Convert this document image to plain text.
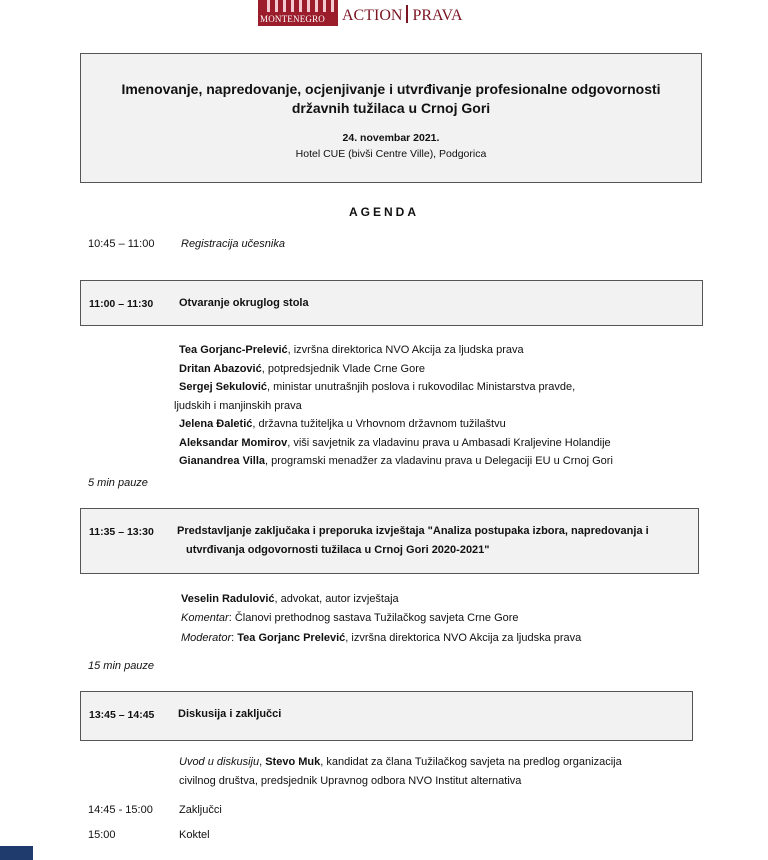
MONTENEGRO ACTION PRAVA
Imenovanje, napredovanje, ocjenjivanje i utvrđivanje profesionalne odgovornosti državnih tužilaca u Crnoj Gori
24. novembar 2021.
Hotel CUE (bivši Centre Ville), Podgorica
AGENDA
10:45 – 11:00 Registracija učesnika
11:00 – 11:30 Otvaranje okruglog stola
Tea Gorjanc-Prelević, izvršna direktorica NVO Akcija za ljudska prava
Dritan Abazović, potpredsjednik Vlade Crne Gore
Sergej Sekulović, ministar unutrašnjih poslova i rukovodilac Ministarstva pravde,
ljudskih i manjinskih prava
Jelena Đaletić, državna tužiteljka u Vrhovnom državnom tužilaštvu
Aleksandar Momirov, viši savjetnik za vladavinu prava u Ambasadi Kraljevine Holandije
Gianandrea Villa, programski menadžer za vladavinu prava u Delegaciji EU u Crnoj Gori
5 min pauze
11:35 – 13:30 Predstavljanje zaključaka i preporuka izvještaja "Analiza postupaka izbora, napredovanja i
utvrđivanja odgovornosti tužilaca u Crnoj Gori 2020-2021"
Veselin Radulović, advokat, autor izvještaja
Komentar: Članovi prethodnog sastava Tužilačkog savjeta Crne Gore
Moderator: Tea Gorjanc Prelević, izvršna direktorica NVO Akcija za ljudska prava
15 min pauze
13:45 – 14:45 Diskusija i zaključci
Uvod u diskusiju, Stevo Muk, kandidat za člana Tužilačkog savjeta na predlog organizacija
civilnog društva, predsjednik Upravnog odbora NVO Institut alternativa
14:45 - 15:00 Zaključci
15:00	Koktel
